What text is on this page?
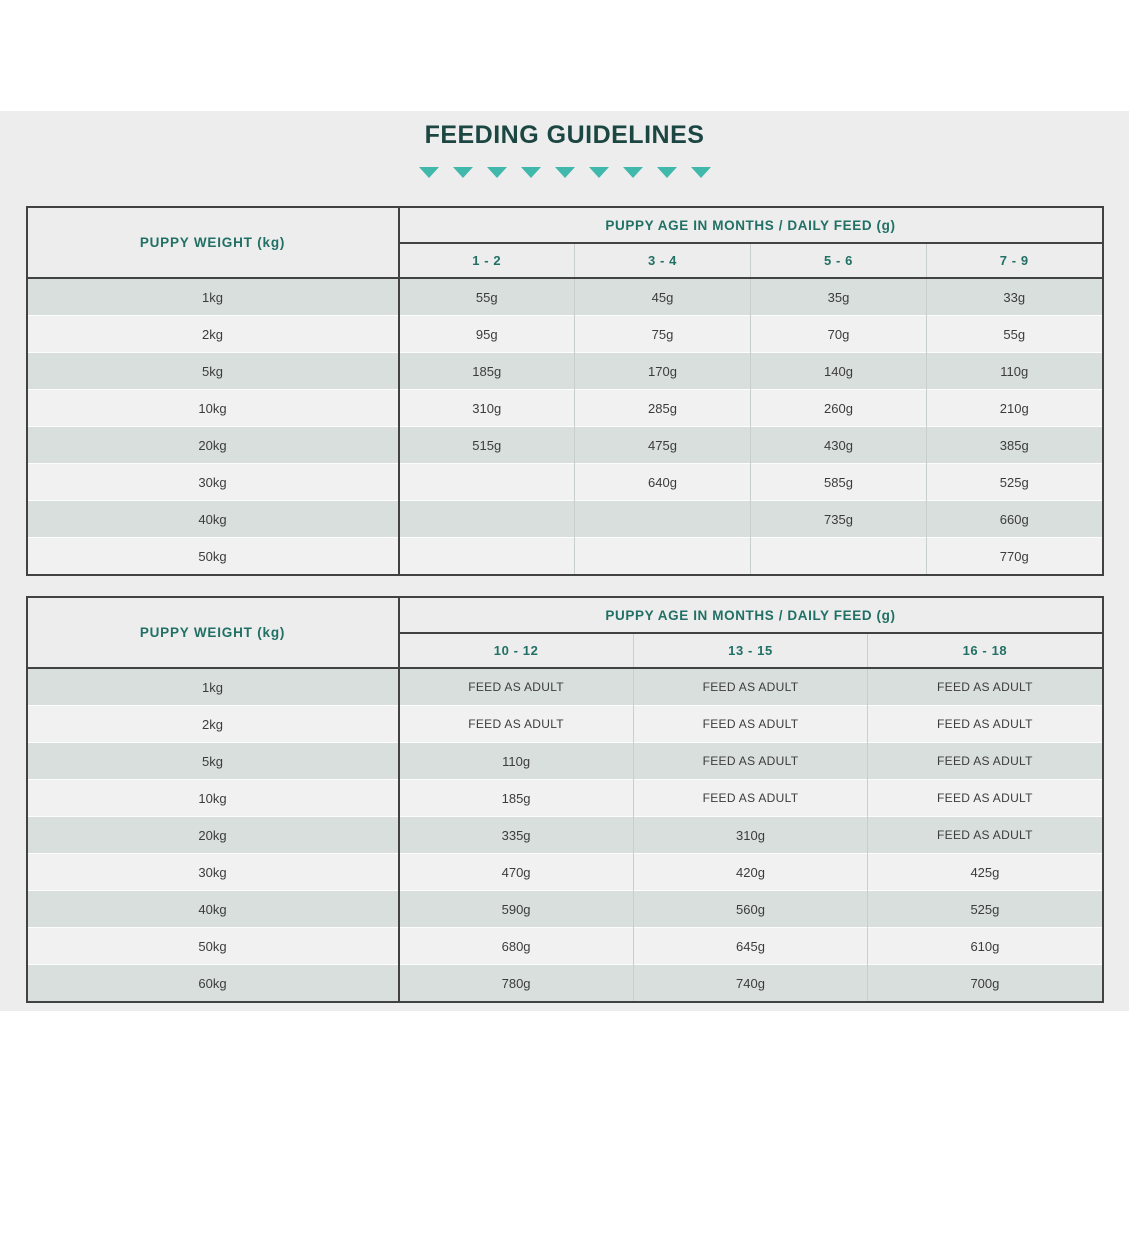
FEEDING GUIDELINES
PUPPY WEIGHT (kg)	PUPPY AGE IN MONTHS / DAILY FEED (g)			
	1 - 2	3 - 4	5 - 6	7 - 9
1kg	55g	45g	35g	33g
2kg	95g	75g	70g	55g
5kg	185g	170g	140g	110g
10kg	310g	285g	260g	210g
20kg	515g	475g	430g	385g
30kg		640g	585g	525g
40kg			735g	660g
50kg				770g
PUPPY WEIGHT (kg)	PUPPY AGE IN MONTHS / DAILY FEED (g)		
	10 - 12	13 - 15	16 - 18
1kg	FEED AS ADULT	FEED AS ADULT	FEED AS ADULT
2kg	FEED AS ADULT	FEED AS ADULT	FEED AS ADULT
5kg	110g	FEED AS ADULT	FEED AS ADULT
10kg	185g	FEED AS ADULT	FEED AS ADULT
20kg	335g	310g	FEED AS ADULT
30kg	470g	420g	425g
40kg	590g	560g	525g
50kg	680g	645g	610g
60kg	780g	740g	700g
